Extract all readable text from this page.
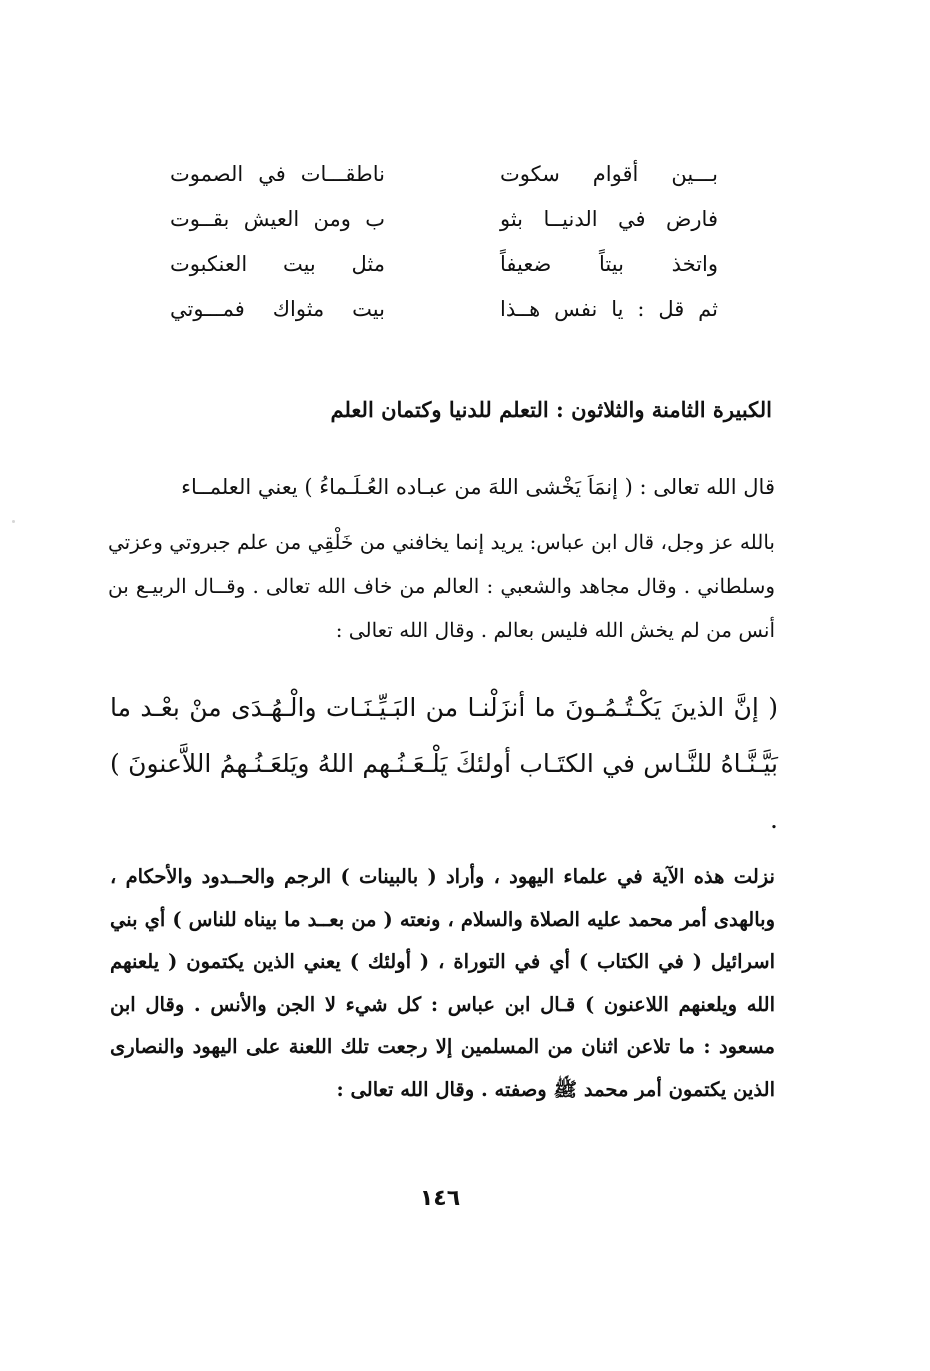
بـــين أقوام سكوت
ناطقـــات في الصموت
فارض في الدنيــا بثو
ب ومن العيش بقــوت
واتخذ بيتاً ضعيفاً
مثل بيت العنكبوت
ثم قل : يا نفس هــذا
بيت مثواك فمـــوتي
الكبيرة الثامنة والثلاثون : التعلم للدنيا وكتمان العلم

قال الله تعالى : ( إنمَاَ يَخْشى اللهَ من عبـاده العُـلَـماءُ ) يعني العلمــاء

بالله عز وجل، قال ابن عباس: يريد إنما يخافني من خَلْقِي من علم جبروتي وعزتي وسلطاني . وقال مجاهد والشعبي : العالم من خاف الله تعالى . وقــال الربيـع بن أنس من لم يخش الله فليس بعالم . وقال الله تعالى :

( إنَّ الذينَ يَكْـتُـمُـونَ ما أنزَلْنـا من البَـيِّـنَـات والْـهُـدَى منْ بعْـد ما بَيَّـنَّـاهُ للنَّـاس في الكتَـاب أولئكَ يَلْـعَـنُـهم اللهُ ويَلعَـنُـهمُ اللاَّعنونَ ) .

نزلت هذه الآية في علماء اليهود ، وأراد ( بالبينات ) الرجم والحــدود والأحكام ، وبالهدى أمر محمد عليه الصلاة والسلام ، ونعته ( من بعــد ما بيناه للناس ) أي بني اسرائيل ( في الكتاب ) أي في التوراة ، ( أولئك ) يعني الذين يكتمون ( يلعنهم الله ويلعنهم اللاعنون ) قـال ابن عباس : كل شيء لا الجن والأنس . وقال ابن مسعود : ما تلاعن اثنان من المسلمين إلا رجعت تلك اللعنة على اليهود والنصارى الذين يكتمون أمر محمد ﷺ وصفته . وقال الله تعالى :

١٤٦
